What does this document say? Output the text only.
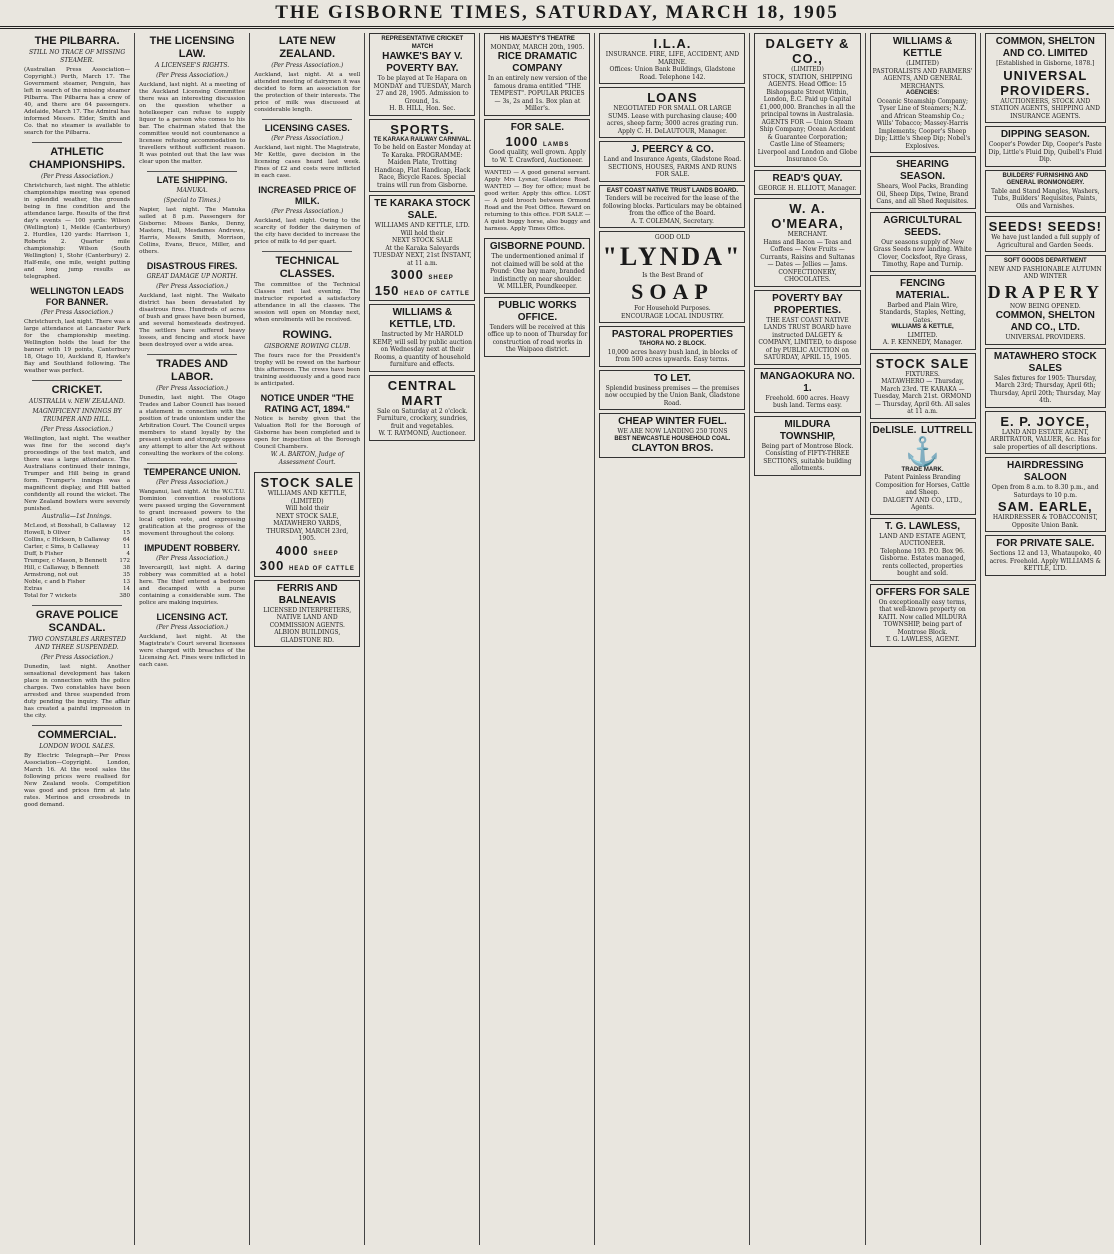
THE GISBORNE TIMES, SATURDAY, MARCH 18, 1905
THE PILBARRA.
STILL NO TRACE OF MISSING STEAMER.
(Australian Press Association—Copyright.) Perth, March 17. The Government steamer, Penguin, has left in search of the missing steamer Pilbarra. The Pilbarra has a crew of 40, and there are 64 passengers. Adelaide, March 17. The Admiral has informed Messrs. Elder, Smith and Co. that no steamer is available to search for the Pilbarra.
ATHLETIC CHAMPIONSHIPS.
(Per Press Association.)
Christchurch, last night. The athletic championships meeting was opened in splendid weather, the grounds being in fine condition and the attendance large. Results of the first day's events — 100 yards: Wilson (Wellington) 1, Meikle (Canterbury) 2. Hurdles, 120 yards: Harrison 1, Roberts 2. Quarter mile championship: Wilson (South Wellington) 1, Stohr (Canterbury) 2. Half-mile, one mile, weight putting and long jump results as telegraphed.
WELLINGTON LEADS FOR BANNER.
(Per Press Association.)
Christchurch, last night. There was a large attendance at Lancaster Park for the championship meeting. Wellington holds the lead for the banner with 19 points, Canterbury 18, Otago 10, Auckland 8, Hawke's Bay and Southland following. The weather was perfect.
CRICKET.
AUSTRALIA v. NEW ZEALAND.
MAGNIFICENT INNINGS BY TRUMPER AND HILL.
(Per Press Association.)
Wellington, last night. The weather was fine for the second day's proceedings of the test match, and there was a large attendance. The Australians continued their innings, Trumper and Hill being in grand form. Trumper's innings was a magnificent display, and Hill batted confidently all round the wicket. The New Zealand bowlers were severely punished.
Australia—1st Innings.
McLeod, st Boxshall, b Callaway 12
Howell, b Oliver	15
Collins, c Hickson, b Callaway 64
Carter, c Sims, b Callaway	11
Duff, b Fisher	4
Trumper, c Mason, b Bennett 172
Hill, c Callaway, b Bennett	38
Armstrong, not out	35
Noble, c and b Fisher	13
Extras	14
Total for 7 wickets	380
GRAVE POLICE SCANDAL.
TWO CONSTABLES ARRESTED AND THREE SUSPENDED.
(Per Press Association.)
Dunedin, last night. Another sensational development has taken place in connection with the police charges. Two constables have been arrested and three suspended from duty pending the inquiry. The affair has created a painful impression in the city.
COMMERCIAL.
LONDON WOOL SALES.
By Electric Telegraph—Per Press Association—Copyright. London, March 16. At the wool sales the following prices were realised for New Zealand wools. Competition was good and prices firm at late rates. Merinos and crossbreds in good demand.
THE LICENSING LAW.
A LICENSEE'S RIGHTS.
(Per Press Association.)
Auckland, last night. At a meeting of the Auckland Licensing Committee there was an interesting discussion on the question whether a hotelkeeper can refuse to supply liquor to a person who comes to his bar. The chairman stated that the committee would not countenance a licensee refusing accommodation to travellers without sufficient reason. It was pointed out that the law was clear upon the matter.
LATE SHIPPING.
MANUKA.
(Special to Times.)
Napier, last night. The Manuka sailed at 8 p.m. Passengers for Gisborne: Misses Banks, Denny, Masters, Hall, Mesdames Andrews, Harris, Messrs Smith, Morrison, Collins, Evans, Bruce, Miller, and others.
DISASTROUS FIRES.
GREAT DAMAGE UP NORTH.
(Per Press Association.)
Auckland, last night. The Waikato district has been devastated by disastrous fires. Hundreds of acres of bush and grass have been burned, and several homesteads destroyed. The settlers have suffered heavy losses, and fencing and stock have been destroyed over a wide area.
TRADES AND LABOR.
(Per Press Association.)
Dunedin, last night. The Otago Trades and Labor Council has issued a statement in connection with the position of trade unionism under the Arbitration Court. The Council urges members to stand loyally by the present system and strongly opposes any attempt to alter the Act without consulting the workers of the colony.
TEMPERANCE UNION.
(Per Press Association.)
Wanganui, last night. At the W.C.T.U. Dominion convention resolutions were passed urging the Government to grant increased powers to the local option vote, and expressing gratification at the progress of the movement throughout the colony.
IMPUDENT ROBBERY.
(Per Press Association.)
Invercargill, last night. A daring robbery was committed at a hotel here. The thief entered a bedroom and decamped with a purse containing a considerable sum. The police are making inquiries.
LICENSING ACT.
(Per Press Association.)
Auckland, last night. At the Magistrate's Court several licensees were charged with breaches of the Licensing Act. Fines were inflicted in each case.
LATE NEW ZEALAND.
(Per Press Association.)
Auckland, last night. At a well attended meeting of dairymen it was decided to form an association for the protection of their interests. The price of milk was discussed at considerable length.
LICENSING CASES.
(Per Press Association.)
Auckland, last night. The Magistrate, Mr Kettle, gave decision in the licensing cases heard last week. Fines of £2 and costs were inflicted in each case.
INCREASED PRICE OF MILK.
(Per Press Association.)
Auckland, last night. Owing to the scarcity of fodder the dairymen of the city have decided to increase the price of milk to 4d per quart.
TECHNICAL CLASSES.
The committee of the Technical Classes met last evening. The instructor reported a satisfactory attendance in all the classes. The session will open on Monday next, when enrolments will be received.
ROWING.
GISBORNE ROWING CLUB.
The fours race for the President's trophy will be rowed on the harbour this afternoon. The crews have been training assiduously and a good race is anticipated.
NOTICE UNDER "THE RATING ACT, 1894."
Notice is hereby given that the Valuation Roll for the Borough of Gisborne has been completed and is open for inspection at the Borough Council Chambers.
W. A. BARTON, Judge of Assessment Court.
STOCK SALE
WILLIAMS AND KETTLE, (LIMITED)
Will hold their
NEXT STOCK SALE,
MATAWHERO YARDS,
THURSDAY, MARCH 23rd, 1905.
4000 SHEEP
300 HEAD OF CATTLE
FERRIS AND BALNEAVIS
LICENSED INTERPRETERS,
NATIVE LAND AND COMMISSION AGENTS.
ALBION BUILDINGS, GLADSTONE RD.
REPRESENTATIVE CRICKET MATCH
HAWKE'S BAY V. POVERTY BAY.
To be played at Te Hapara on MONDAY and TUESDAY, March 27 and 28, 1905. Admission to Ground, 1s.
H. B. HILL, Hon. Sec.
SPORTS.
TE KARAKA RAILWAY CARNIVAL.
To be held on Easter Monday at Te Karaka. PROGRAMME: Maiden Plate, Trotting Handicap, Flat Handicap, Hack Race, Bicycle Races. Special trains will run from Gisborne.
TE KARAKA STOCK SALE.
WILLIAMS AND KETTLE, LTD.
Will hold their
NEXT STOCK SALE
At the Karaka Saleyards
TUESDAY NEXT, 21st INSTANT, at 11 a.m.
3000 SHEEP
150 HEAD OF CATTLE
WILLIAMS & KETTLE, LTD.
Instructed by Mr HAROLD KEMP, will sell by public auction on Wednesday next at their Rooms, a quantity of household furniture and effects.
CENTRAL MART
Sale on Saturday at 2 o'clock. Furniture, crockery, sundries, fruit and vegetables.
W. T. RAYMOND, Auctioneer.
HIS MAJESTY'S THEATRE
MONDAY, MARCH 20th, 1905.
RICE DRAMATIC COMPANY
In an entirely new version of the famous drama entitled "THE TEMPEST". POPULAR PRICES — 3s, 2s and 1s. Box plan at Miller's.
FOR SALE.
1000 LAMBS
Good quality, well grown. Apply to W. T. Crawford, Auctioneer.
WANTED — A good general servant. Apply Mrs Lysnar, Gladstone Road. WANTED — Boy for office; must be good writer. Apply this office. LOST — A gold brooch between Ormond Road and the Post Office. Reward on returning to this office. FOR SALE — A quiet buggy horse, also buggy and harness. Apply Times Office.
GISBORNE POUND.
The undermentioned animal if not claimed will be sold at the Pound: One bay mare, branded indistinctly on near shoulder.
W. MILLER, Poundkeeper.
PUBLIC WORKS OFFICE.
Tenders will be received at this office up to noon of Thursday for construction of road works in the Waipaoa district.
I.L.A.
INSURANCE. FIRE, LIFE, ACCIDENT, AND MARINE.
Offices: Union Bank Buildings, Gladstone Road. Telephone 142.
LOANS
NEGOTIATED FOR SMALL OR LARGE SUMS. Lease with purchasing clause; 400 acres, sheep farm; 3000 acres grazing run. Apply C. H. DeLAUTOUR, Manager.
J. PEERCY & CO.
Land and Insurance Agents, Gladstone Road. SECTIONS, HOUSES, FARMS AND RUNS FOR SALE.
EAST COAST NATIVE TRUST LANDS BOARD.
Tenders will be received for the lease of the following blocks. Particulars may be obtained from the office of the Board.
A. T. COLEMAN, Secretary.
GOOD OLD
"LYNDA"
Is the Best Brand of
SOAP
For Household Purposes.
ENCOURAGE LOCAL INDUSTRY.
PASTORAL PROPERTIES
TAHORA NO. 2 BLOCK.
10,000 acres heavy bush land, in blocks of from 500 acres upwards. Easy terms.
TO LET.
Splendid business premises — the premises now occupied by the Union Bank, Gladstone Road.
CHEAP WINTER FUEL.
WE ARE NOW LANDING 250 TONS
BEST NEWCASTLE HOUSEHOLD COAL.
CLAYTON BROS.
DALGETY & CO.,
(LIMITED)
STOCK, STATION, SHIPPING AGENTS. Head Office: 15 Bishopsgate Street Within, London, E.C. Paid up Capital £1,000,000. Branches in all the principal towns in Australasia.
AGENTS FOR — Union Steam Ship Company; Ocean Accident & Guarantee Corporation; Castle Line of Steamers; Liverpool and London and Globe Insurance Co.
READ'S QUAY.
GEORGE H. ELLIOTT, Manager.
W. A. O'MEARA,
MERCHANT.
Hams and Bacon — Teas and Coffees — New Fruits — Currants, Raisins and Sultanas — Dates — Jellies — Jams. CONFECTIONERY, CHOCOLATES.
POVERTY BAY PROPERTIES.
THE EAST COAST NATIVE LANDS TRUST BOARD have instructed DALGETY & COMPANY, LIMITED, to dispose of by PUBLIC AUCTION on SATURDAY, APRIL 15, 1905.
MANGAOKURA NO. 1.
Freehold. 600 acres. Heavy bush land. Terms easy.
MILDURA TOWNSHIP,
Being part of Montrose Block. Consisting of FIFTY-THREE SECTIONS, suitable building allotments.
WILLIAMS & KETTLE
(LIMITED)
PASTORALISTS AND FARMERS' AGENTS, AND GENERAL MERCHANTS.
AGENCIES:
Oceanic Steamship Company; Tyser Line of Steamers; N.Z. and African Steamship Co.; Wills' Tobacco; Massey-Harris Implements; Cooper's Sheep Dip; Little's Sheep Dip; Nobel's Explosives.
SHEARING SEASON.
Shears, Wool Packs, Branding Oil, Sheep Dips, Twine, Brand Cans, and all Shed Requisites.
AGRICULTURAL SEEDS.
Our seasons supply of New Grass Seeds now landing. White Clover, Cocksfoot, Rye Grass, Timothy, Rape and Turnip.
FENCING MATERIAL.
Barbed and Plain Wire, Standards, Staples, Netting, Gates.
WILLIAMS & KETTLE,
LIMITED.
A. F. KENNEDY, Manager.
STOCK SALE
FIXTURES.
MATAWHERO — Thursday, March 23rd. TE KARAKA — Tuesday, March 21st. ORMOND — Thursday, April 6th. All sales at 11 a.m.
DeLISLE. LUTTRELL
⚓
TRADE MARK.
Patent Painless Branding Composition for Horses, Cattle and Sheep.
DALGETY AND CO., LTD., Agents.
T. G. LAWLESS,
LAND AND ESTATE AGENT, AUCTIONEER.
Telephone 193. P.O. Box 96. Gisborne. Estates managed, rents collected, properties bought and sold.
OFFERS FOR SALE
On exceptionally easy terms, that well-known property on KAITI. Now called MILDURA TOWNSHIP, being part of Montrose Block.
T. G. LAWLESS, AGENT.
COMMON, SHELTON AND CO. LIMITED
[Established in Gisborne, 1878.]
UNIVERSAL PROVIDERS.
AUCTIONEERS, STOCK AND STATION AGENTS, SHIPPING AND INSURANCE AGENTS.
DIPPING SEASON.
Cooper's Powder Dip, Cooper's Paste Dip, Little's Fluid Dip, Quibell's Fluid Dip.
BUILDERS' FURNISHING AND GENERAL IRONMONGERY.
Table and Stand Mangles, Washers, Tubs, Builders' Requisites, Paints, Oils and Varnishes.
SEEDS! SEEDS!
We have just landed a full supply of Agricultural and Garden Seeds.
SOFT GOODS DEPARTMENT
NEW AND FASHIONABLE AUTUMN AND WINTER
DRAPERY
NOW BEING OPENED.
COMMON, SHELTON AND CO., LTD.
UNIVERSAL PROVIDERS.
MATAWHERO STOCK SALES
Sales fixtures for 1905: Thursday, March 23rd; Thursday, April 6th; Thursday, April 20th; Thursday, May 4th.
E. P. JOYCE,
LAND AND ESTATE AGENT, ARBITRATOR, VALUER, &c. Has for sale properties of all descriptions.
HAIRDRESSING SALOON
Open from 8 a.m. to 8.30 p.m., and Saturdays to 10 p.m.
SAM. EARLE,
HAIRDRESSER & TOBACCONIST, Opposite Union Bank.
FOR PRIVATE SALE.
Sections 12 and 13, Whataupoko, 40 acres. Freehold. Apply WILLIAMS & KETTLE, LTD.
